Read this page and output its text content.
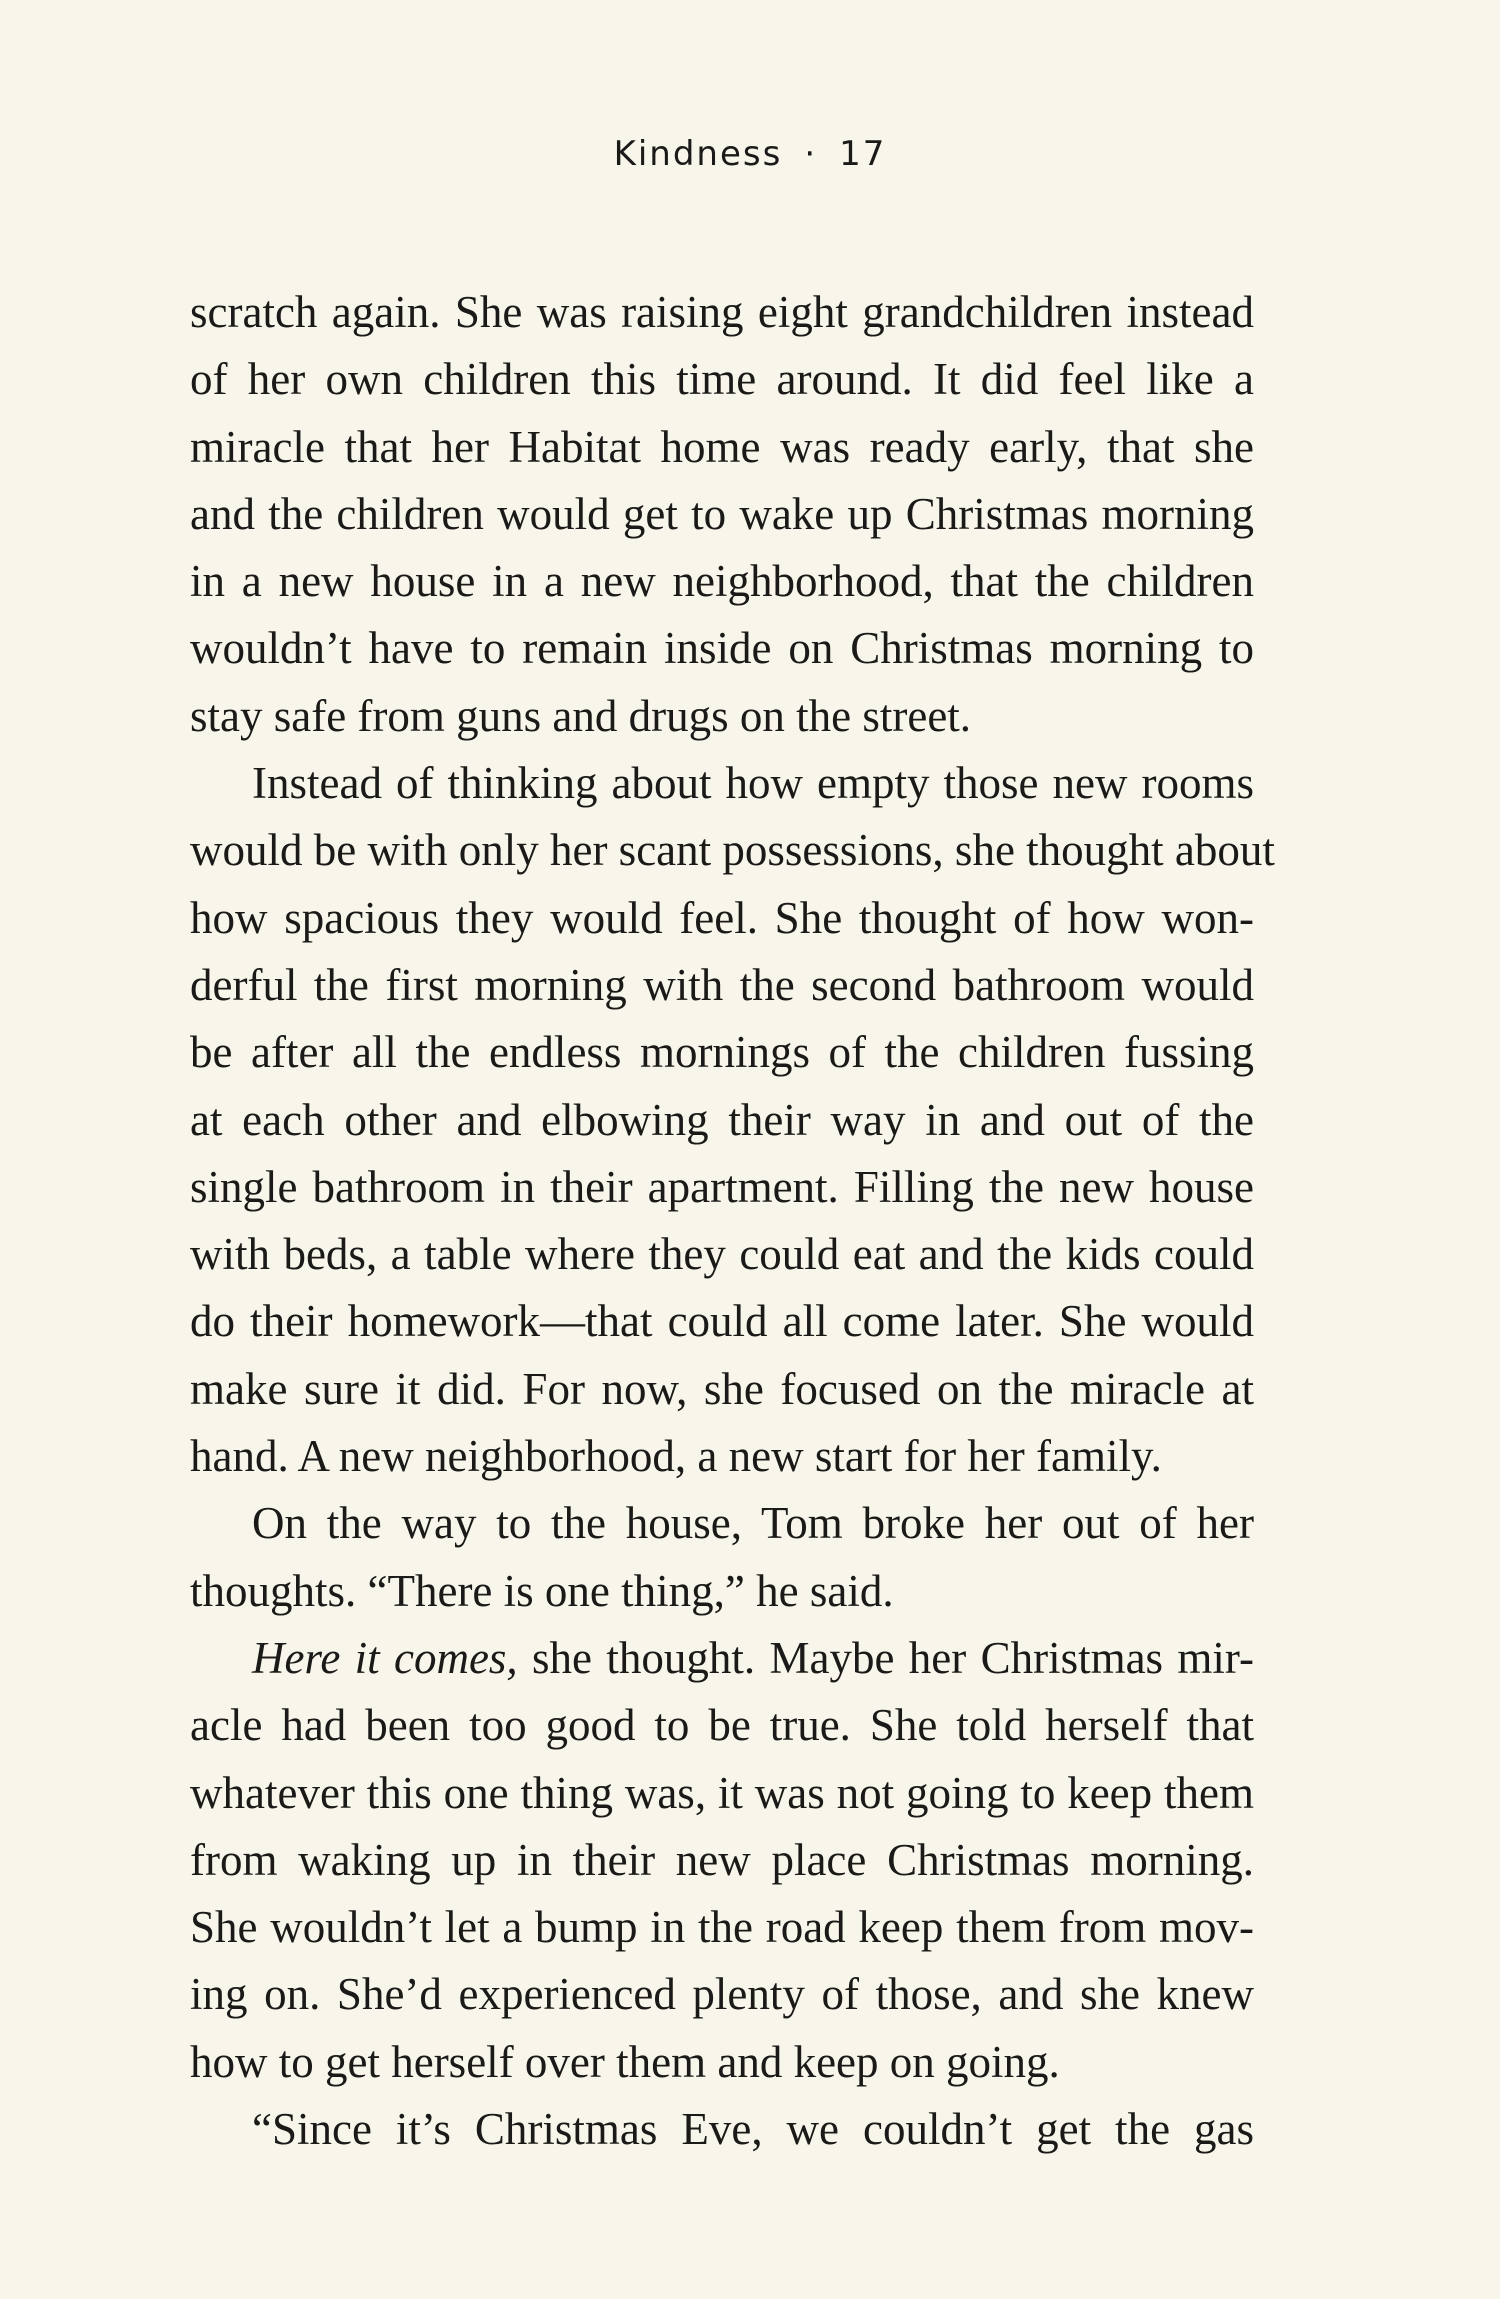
Kindness · 17
scratch again. She was raising eight grandchildren instead
of her own children this time around. It did feel like a
miracle that her Habitat home was ready early, that she
and the children would get to wake up Christmas morning
in a new house in a new neighborhood, that the children
wouldn’t have to remain inside on Christmas morning to
stay safe from guns and drugs on the street.
Instead of thinking about how empty those new rooms
would be with only her scant possessions, she thought about
how spacious they would feel. She thought of how won-
derful the first morning with the second bathroom would
be after all the endless mornings of the children fussing
at each other and elbowing their way in and out of the
single bathroom in their apartment. Filling the new house
with beds, a table where they could eat and the kids could
do their homework—that could all come later. She would
make sure it did. For now, she focused on the miracle at
hand. A new neighborhood, a new start for her family.
On the way to the house, Tom broke her out of her
thoughts. “There is one thing,” he said.
Here it comes, she thought. Maybe her Christmas mir-
acle had been too good to be true. She told herself that
whatever this one thing was, it was not going to keep them
from waking up in their new place Christmas morning.
She wouldn’t let a bump in the road keep them from mov-
ing on. She’d experienced plenty of those, and she knew
how to get herself over them and keep on going.
“Since it’s Christmas Eve, we couldn’t get the gas
